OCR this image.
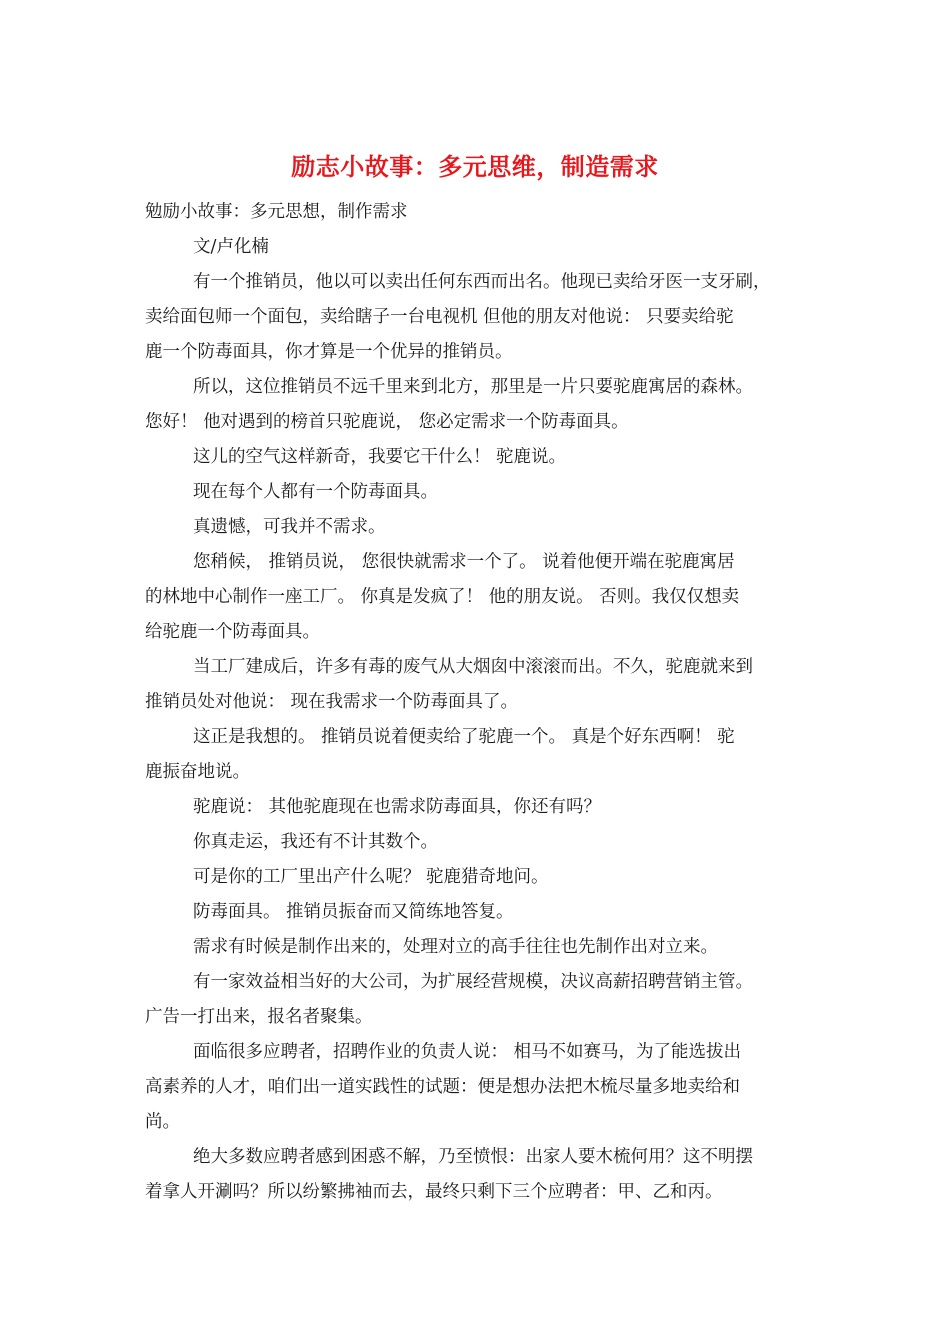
励志小故事：多元思维，制造需求

勉励小故事：多元思想，制作需求

文/卢化楠

有一个推销员，他以可以卖出任何东西而出名。他现已卖给牙医一支牙刷，

卖给面包师一个面包，卖给瞎子一台电视机 但他的朋友对他说： 只要卖给驼

鹿一个防毒面具，你才算是一个优异的推销员。

所以，这位推销员不远千里来到北方，那里是一片只要驼鹿寓居的森林。

您好！ 他对遇到的榜首只驼鹿说， 您必定需求一个防毒面具。

这儿的空气这样新奇，我要它干什么！ 驼鹿说。

现在每个人都有一个防毒面具。

真遗憾，可我并不需求。

您稍候， 推销员说， 您很快就需求一个了。 说着他便开端在驼鹿寓居

的林地中心制作一座工厂。 你真是发疯了！ 他的朋友说。 否则。我仅仅想卖

给驼鹿一个防毒面具。

当工厂建成后，许多有毒的废气从大烟囱中滚滚而出。不久，驼鹿就来到

推销员处对他说： 现在我需求一个防毒面具了。

这正是我想的。 推销员说着便卖给了驼鹿一个。 真是个好东西啊！ 驼

鹿振奋地说。

驼鹿说： 其他驼鹿现在也需求防毒面具，你还有吗？

你真走运，我还有不计其数个。

可是你的工厂里出产什么呢？ 驼鹿猎奇地问。

防毒面具。 推销员振奋而又简练地答复。

需求有时候是制作出来的，处理对立的高手往往也先制作出对立来。

有一家效益相当好的大公司，为扩展经营规模，决议高薪招聘营销主管。

广告一打出来，报名者聚集。

面临很多应聘者，招聘作业的负责人说： 相马不如赛马，为了能选拔出

高素养的人才，咱们出一道实践性的试题：便是想办法把木梳尽量多地卖给和

尚。

绝大多数应聘者感到困惑不解，乃至愤恨：出家人要木梳何用？这不明摆

着拿人开涮吗？所以纷繁拂袖而去，最终只剩下三个应聘者：甲、乙和丙。
